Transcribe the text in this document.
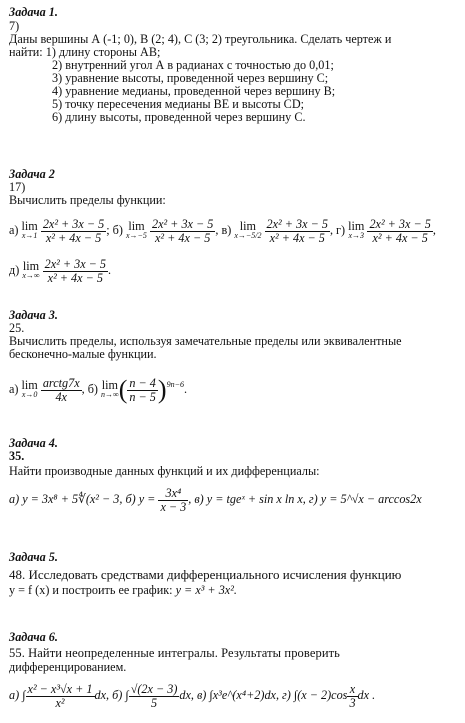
Задача 1.
7)
Даны вершины А (-1; 0), В (2; 4), С (3; 2) треугольника. Сделать чертеж и
найти: 1) длину стороны АВ;
2) внутренний угол А в радианах с точностью до 0,01;
3) уравнение высоты, проведенной через вершину С;
4) уравнение медианы, проведенной через вершину В;
5) точку пересечения медианы ВЕ и высоты CD;
6) длину высоты, проведенной через вершину С.
Задача 2
17)
Вычислить пределы функции:
а) lim
x→1
$\frac{\text{2x² + 3x − 5}}{\text{x² + 4x − 5}}$ ; б) lim
x→−5
$\frac{\text{2x² + 3x − 5}}{\text{x² + 4x − 5}}$ , в) lim
x→−5/2
$\frac{\text{2x² + 3x − 5}}{\text{x² + 4x − 5}}$ , г) lim
x→3
$\frac{\text{2x² + 3x − 5}}{\text{x² + 4x − 5}}$ ,
д) lim
x→∞
$\frac{\text{2x² + 3x − 5}}{\text{x² + 4x − 5}}$ .
Задача 3.
25.
Вычислить пределы, используя замечательные пределы или эквивалентные
бесконечно-малые функции.
а) lim
x→0
$\frac{\text{arctg7x}}{4x}$ , б) lim
n→∞ ( $\frac{n - 4}{n - 5} )^{9n-6}$.
Задача 4.
35.
Найти производные данных функций и их дифференциалы:
а) y = 3x⁸ + 5∜(x² − 3, б) $y = \frac{\text{3x⁴}}{x - 3}$ , в) y = tgeˣ + sin x ln x, г) y = 5^√x − arccos2x
Задача 5.
48. Исследовать средствами дифференциального исчисления функцию
y = f (x) и построить ее график: y = x³ + 3x².
Задача 6.
55. Найти неопределенные интегралы. Результаты проверить
дифференцированием.
а) ∫ $\frac{\text{x² − x³√x + 1}}{\text{x²}}$ dx, б) ∫ $\frac{√(2x - 3)}{5}$ dx, в) ∫x³e^(x⁴+2)dx, г) $\int(x - 2)\cos \frac{x}{3}$ dx .
